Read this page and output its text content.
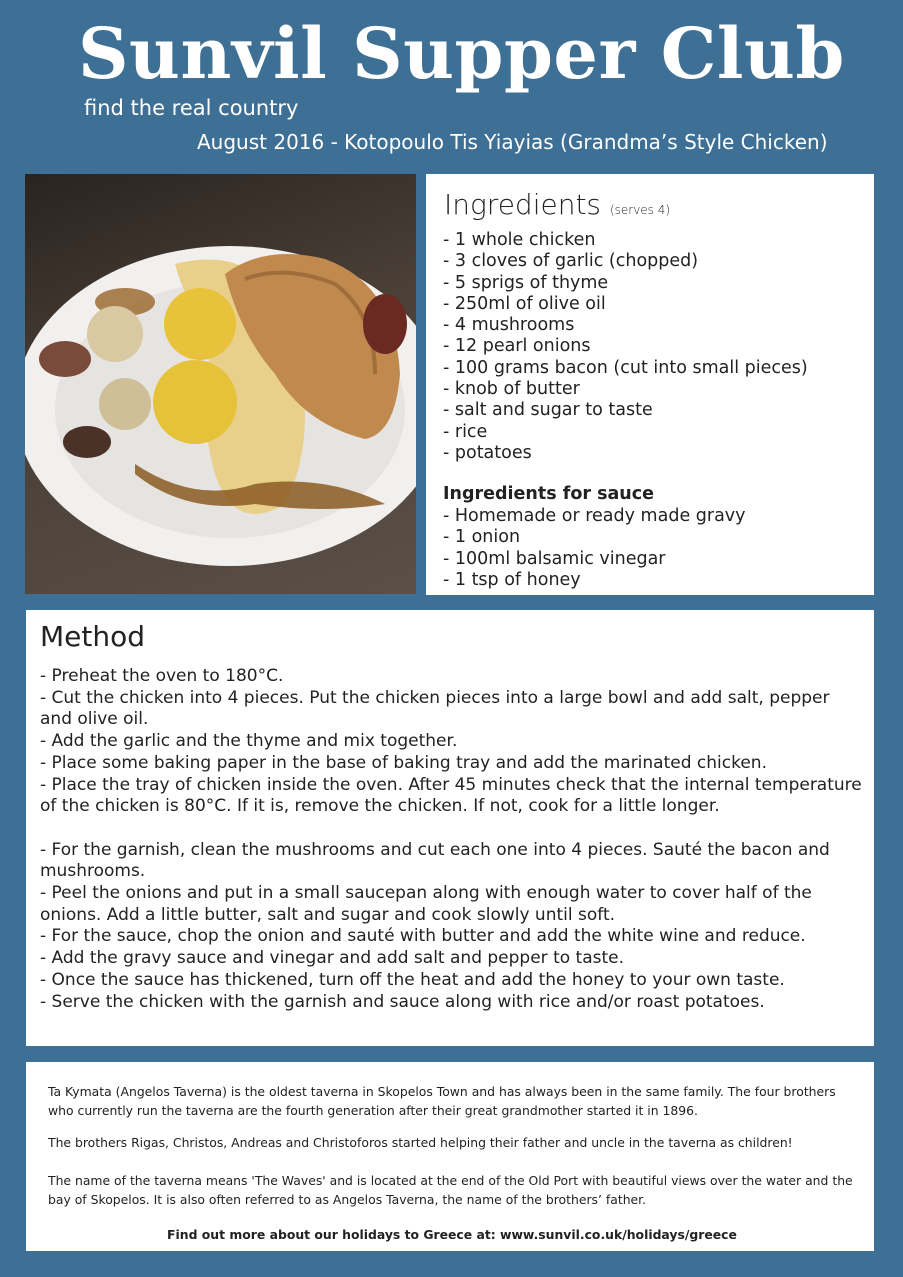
Sunvil Supper Club
find the real country
August 2016 - Kotopoulo Tis Yiayias (Grandma’s Style Chicken)
Ingredients (serves 4)
- 1 whole chicken
- 3 cloves of garlic (chopped)
- 5 sprigs of thyme
- 250ml of olive oil
- 4 mushrooms
- 12 pearl onions
- 100 grams bacon (cut into small pieces)
- knob of butter
- salt and sugar to taste
- rice
- potatoes
Ingredients for sauce
- Homemade or ready made gravy
- 1 onion
- 100ml balsamic vinegar
- 1 tsp of honey
Method
- Preheat the oven to 180°C.
- Cut the chicken into 4 pieces. Put the chicken pieces into a large bowl and add salt, pepper and olive oil.
- Add the garlic and the thyme and mix together.
- Place some baking paper in the base of baking tray and add the marinated chicken.
- Place the tray of chicken inside the oven. After 45 minutes check that the internal temperature of the chicken is 80°C. If it is, remove the chicken. If not, cook for a little longer.
- For the garnish, clean the mushrooms and cut each one into 4 pieces. Sauté the bacon and mushrooms.
- Peel the onions and put in a small saucepan along with enough water to cover half of the onions. Add a little butter, salt and sugar and cook slowly until soft.
- For the sauce, chop the onion and sauté with butter and add the white wine and reduce.
- Add the gravy sauce and vinegar and add salt and pepper to taste.
- Once the sauce has thickened, turn off the heat and add the honey to your own taste.
- Serve the chicken with the garnish and sauce along with rice and/or roast potatoes.

Ta Kymata (Angelos Taverna) is the oldest taverna in Skopelos Town and has always been in the same family. The four brothers who currently run the taverna are the fourth generation after their great grandmother started it in 1896.

The brothers Rigas, Christos, Andreas and Christoforos started helping their father and uncle in the taverna as children!

The name of the taverna means 'The Waves' and is located at the end of the Old Port with beautiful views over the water and the bay of Skopelos. It is also often referred to as Angelos Taverna, the name of the brothers’ father.

Find out more about our holidays to Greece at: www.sunvil.co.uk/holidays/greece
